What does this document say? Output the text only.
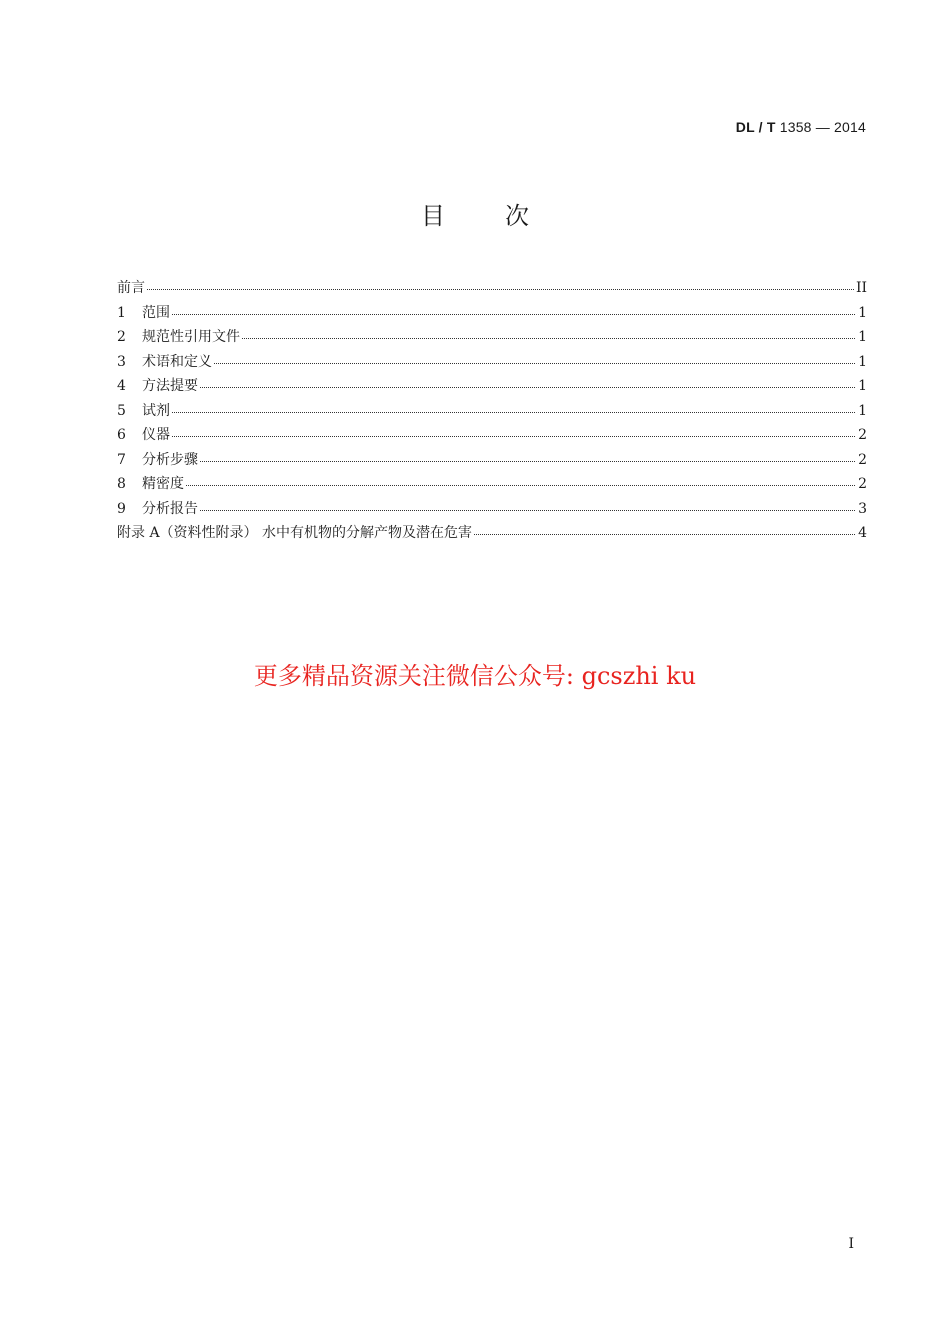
DL / T 1358 — 2014
目次
前言	II
1	范围	1
2	规范性引用文件	1
3	术语和定义	1
4	方法提要	1
5	试剂	1
6	仪器	2
7	分析步骤	2
8	精密度	2
9	分析报告	3
附录 A（资料性附录） 水中有机物的分解产物及潜在危害	4
更多精品资源关注微信公众号: gcszhi ku
I
